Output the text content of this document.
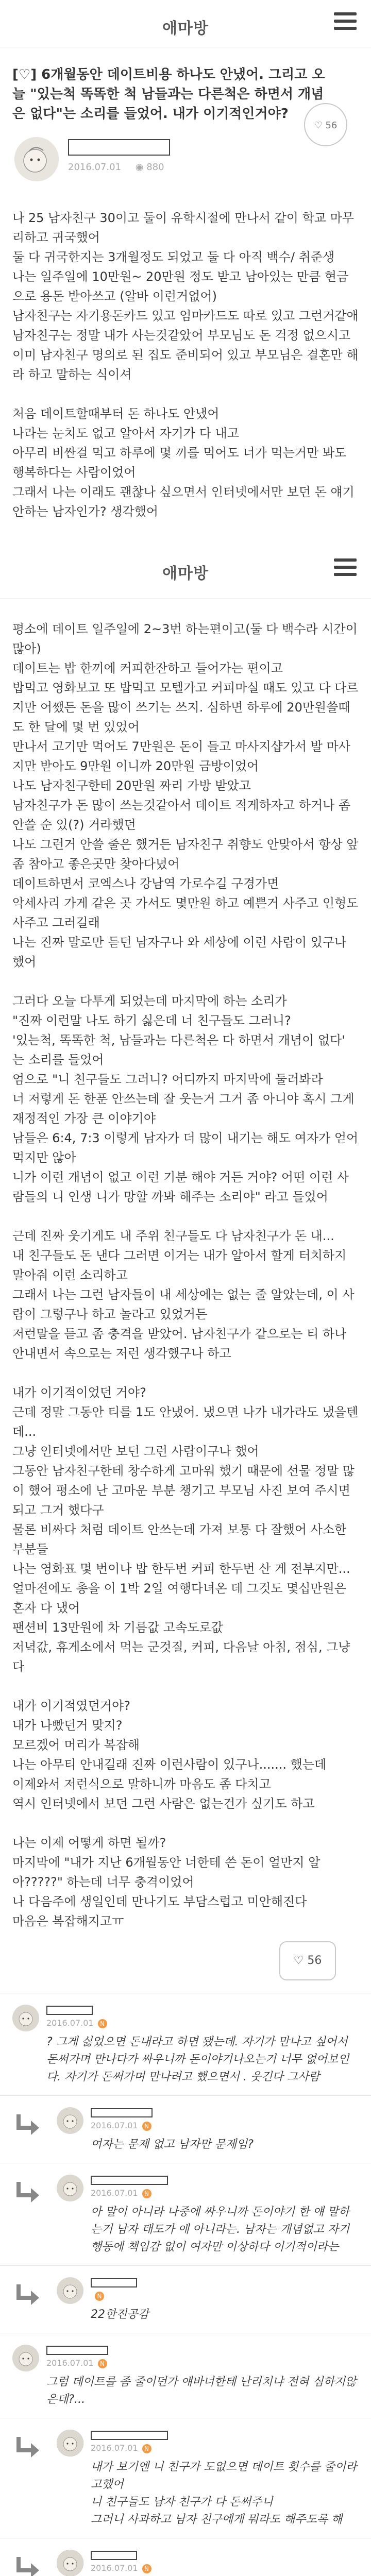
애마방
[♡] 6개월동안 데이트비용 하나도 안냈어. 그리고 오늘 "있는척 똑똑한 척 남들과는 다른척은 하면서 개념은 없다"는 소리를 들었어. 내가 이기적인거야?
2016.07.01 ◉ 880
♡ 56

나 25 남자친구 30이고 둘이 유학시절에 만나서 같이 학교 마무리하고 귀국했어

둘 다 귀국한지는 3개월정도 되었고 둘 다 아직 백수/ 취준생

나는 일주일에 10만원~ 20만원 정도 받고 남아있는 만큼 현금으로 용돈 받아쓰고 (알바 이런거없어)

남자친구는 자기용돈카드 있고 엄마카드도 따로 있고 그런거같애

남자친구는 정말 내가 사는것같았어 부모님도 돈 걱정 없으시고

이미 남자친구 명의로 된 집도 준비되어 있고 부모님은 결혼만 해라 하고 말하는 식이셔

처음 데이트할때부터 돈 하나도 안냈어

나라는 눈치도 없고 알아서 자기가 다 내고

아무리 비싼걸 먹고 하루에 몇 끼를 먹어도 너가 먹는거만 봐도 행복하다는 사람이었어

그래서 나는 이래도 괜찮나 싶으면서 인터넷에서만 보던 돈 얘기 안하는 남자인가? 생각했어

애마방

평소에 데이트 일주일에 2~3번 하는편이고(둘 다 백수라 시간이 많아)

데이트는 밥 한끼에 커피한잔하고 들어가는 편이고

밥먹고 영화보고 또 밥먹고 모텔가고 커피마실 때도 있고 다 다르지만 어쨌든 돈을 많이 쓰기는 쓰지. 심하면 하루에 20만원쓸때도 한 달에 몇 번 있었어

만나서 고기만 먹어도 7만원은 돈이 들고 마사지샵가서 발 마사지만 받아도 9만원 이니까 20만원 금방이었어

나도 남자친구한테 20만원 짜리 가방 받았고

남자친구가 돈 많이 쓰는것같아서 데이트 적게하자고 하거나 좀 안쓸 순 있(?) 거라했던

나도 그런거 안쓸 줄은 했거든 남자친구 취향도 안맞아서 항상 앞 좀 참아고 좋은곳만 찾아다녔어

데이트하면서 코엑스나 강남역 가로수길 구경가면

악세사리 가게 같은 곳 가서도 몇만원 하고 예쁜거 사주고 인형도 사주고 그러길래

나는 진짜 말로만 듣던 남자구나 와 세상에 이런 사람이 있구나 했어

그러다 오늘 다투게 되었는데 마지막에 하는 소리가

"진짜 이런말 나도 하기 싫은데 너 친구들도 그러니?

'있는척, 똑똑한 척, 남들과는 다른척은 다 하면서 개념이 없다' 는 소리를 들었어

엄으로 "니 친구들도 그러니? 어디까지 마지막에 둘러봐라

너 저렇게 돈 한푼 안쓰는데 잘 웃는거 그거 좀 아니야 혹시 그게 재정적인 가장 큰 이야기야

남들은 6:4, 7:3 이렇게 남자가 더 많이 내기는 해도 여자가 얻어먹지만 않아

니가 이런 개념이 없고 이런 기분 해야 거든 거야? 어떤 이런 사람들의 니 인생 니가 망할 까봐 해주는 소리야" 라고 들었어

근데 진짜 웃기게도 내 주위 친구들도 다 남자친구가 돈 내...

내 친구들도 돈 낸다 그러면 이거는 내가 알아서 할게 터치하지 말아줘 이런 소리하고

그래서 나는 그런 남자들이 내 세상에는 없는 줄 알았는데, 이 사람이 그렇구나 하고 놀라고 있었거든

저런말을 듣고 좀 충격을 받았어. 남자친구가 같으로는 티 하나 안내면서 속으로는 저런 생각했구나 하고

내가 이기적이었던 거야?

근데 정말 그동안 티를 1도 안냈어. 냈으면 나가 내가라도 냈을텐데...

그냥 인터넷에서만 보던 그런 사람이구나 했어

그동안 남자친구한테 창수하게 고마워 했기 때문에 선물 정말 많이 했어 평소에 난 고마운 부분 챙기고 부모님 사진 보여 주시면 되고 그거 했다구

물론 비싸다 처럼 데이트 안쓰는데 가져 보통 다 잘했어 사소한 부분들

나는 영화표 몇 번이나 밥 한두번 커피 한두번 산 게 전부지만...

얼마전에도 총을 이 1박 2일 여행다녀온 데 그것도 몇십만원은 혼자 다 냈어

팬션비 13만원에 차 기름값 고속도로값

저녁값, 휴게소에서 먹는 군것질, 커피, 다음날 아침, 점심, 그냥 다

내가 이기적였던거야?

내가 나빴던거 맞지?

모르겠어 머리가 복잡해

나는 아무티 안내길래 진짜 이런사람이 있구나....... 했는데

이제와서 저런식으로 말하니까 마음도 좀 다치고

역시 인터넷에서 보던 그런 사람은 없는건가 싶기도 하고

나는 이제 어떻게 하면 될까?

마지막에 "내가 지난 6개월동안 너한테 쓴 돈이 얼만지 알아?????" 하는데 너무 충격이었어

나 다음주에 생일인데 만나기도 부담스럽고 미안해진다

마음은 복잡해지고ㅠ

♡ 56
2016.07.01 N
? 그게 싫었으면 돈내라고 하면 됐는데. 자기가 만나고 싶어서 돈써가며 만나다가 싸우니까 돈이야기나오는거 너무 없어보인다. 자기가 돈써가며 만나려고 했으면서 . 웃긴다 그사람
2016.07.01 N
여자는 문제 없고 남자만 문제임?
2016.07.01 N
아 말이 아니라 나중에 싸우니까 돈이야기 한 얘 말하는거 남자 태도가 애 아니라는. 남자는 개념없고 자기 행동에 책임감 없이 여자만 이상하다 이기적이라는
N
22한진공감
2016.07.01 N
그럼 데이트를 좀 줄이던가 얘바너한테 난리치냐 전혀 심하지않은데?...
2016.07.01 N
내가 보기엔 니 친구가 도없으면 데이트 횟수를 줄이라고했어
니 친구들도 남자 친구가 다 돈써주니
그러니 사과하고 남자 친구에게 뭐라도 해주도록 해
2016.07.01 N
